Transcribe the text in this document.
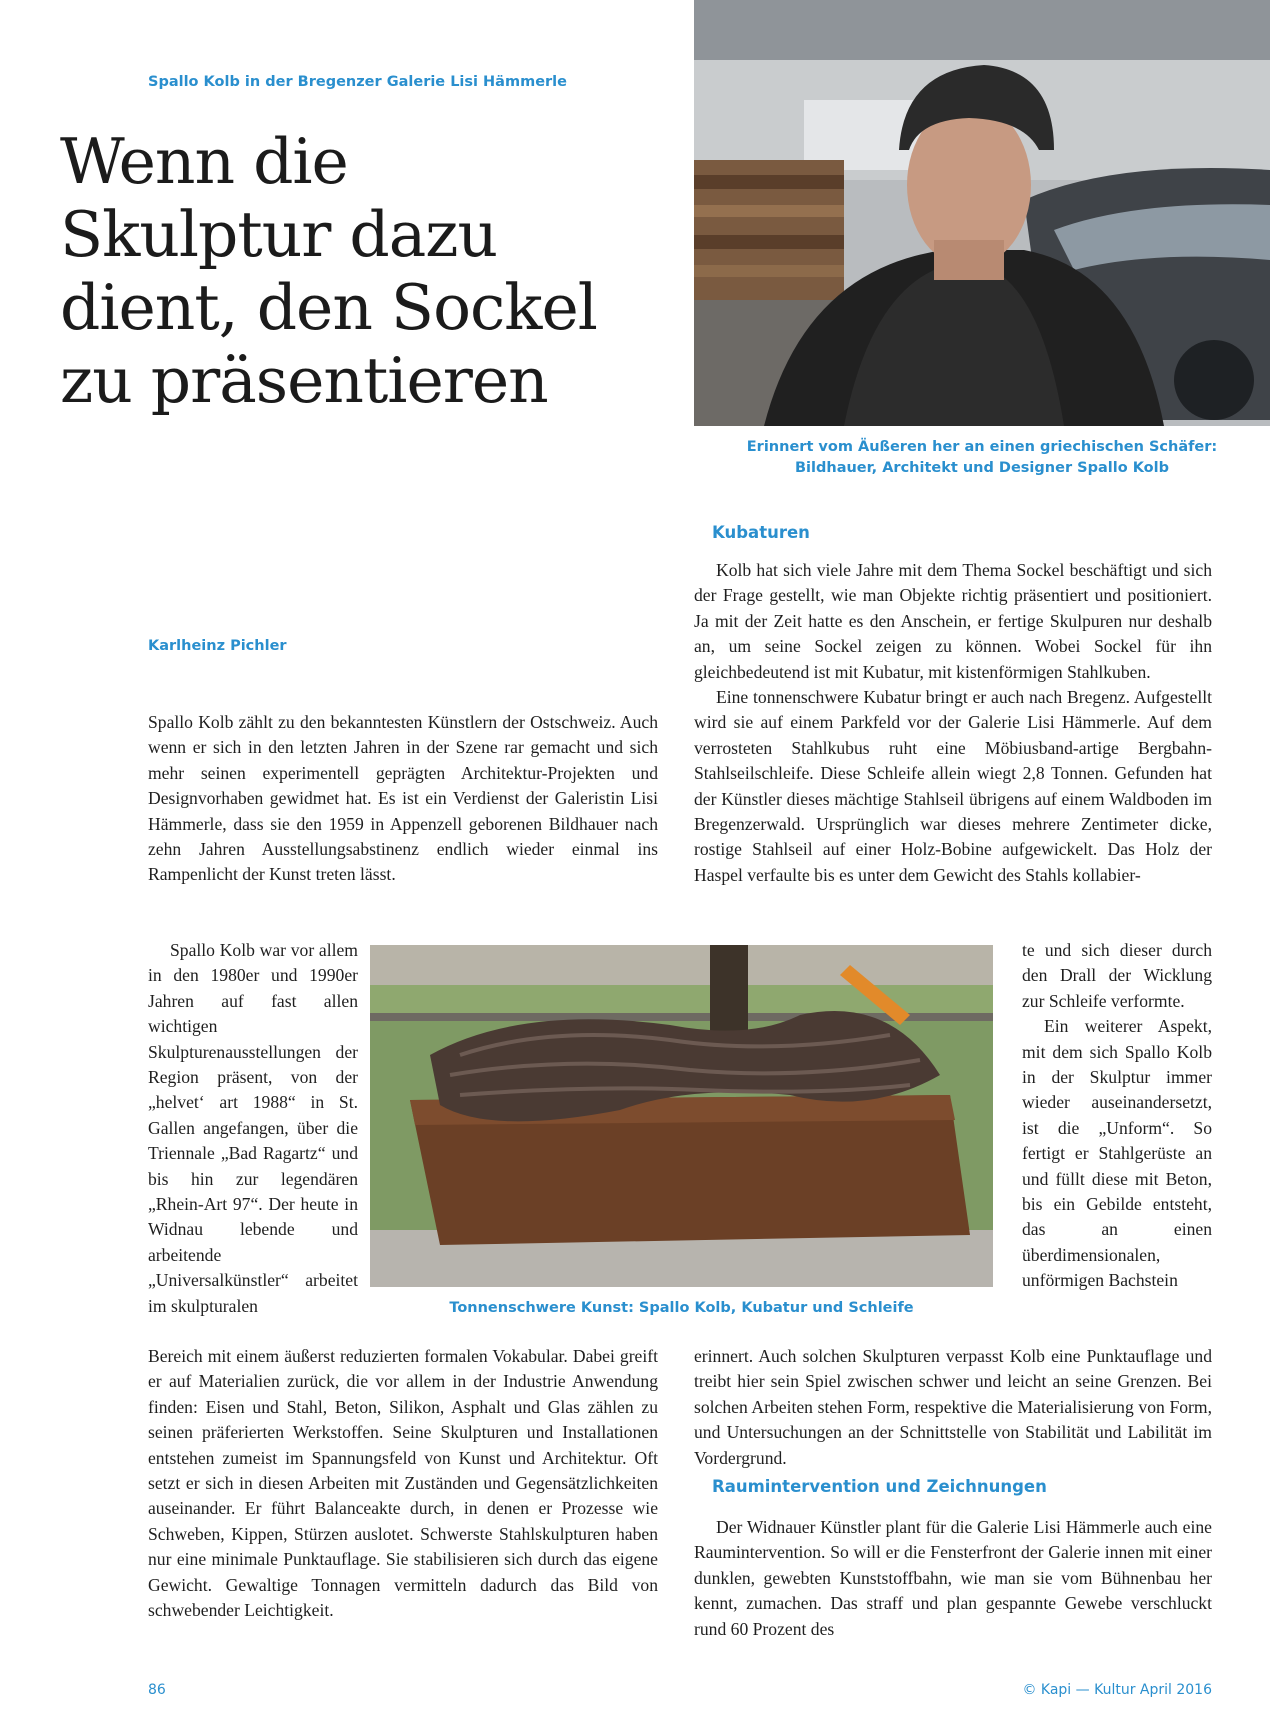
Spallo Kolb in der Bregenzer Galerie Lisi Hämmerle
Wenn die
Skulptur dazu
dient, den Sockel
zu präsentieren
Erinnert vom Äußeren her an einen griechischen Schäfer:
Bildhauer, Architekt und Designer Spallo Kolb
Karlheinz Pichler
Kubaturen

Kolb hat sich viele Jahre mit dem Thema Sockel beschäftigt und sich der Frage gestellt, wie man Objekte richtig präsentiert und positioniert. Ja mit der Zeit hatte es den Anschein, er fertige Skulpuren nur deshalb an, um seine Sockel zeigen zu können. Wobei Sockel für ihn gleichbedeutend ist mit Kubatur, mit kistenförmigen Stahlkuben.

Eine tonnenschwere Kubatur bringt er auch nach Bregenz. Aufgestellt wird sie auf einem Parkfeld vor der Galerie Lisi Hämmerle. Auf dem verrosteten Stahlkubus ruht eine Möbiusband-artige Bergbahn-Stahlseilschleife. Diese Schleife allein wiegt 2,8 Tonnen. Gefunden hat der Künstler dieses mächtige Stahlseil übrigens auf einem Waldboden im Bregenzerwald. Ursprünglich war dieses mehrere Zentimeter dicke, rostige Stahlseil auf einer Holz-Bobine aufgewickelt. Das Holz der Haspel verfaulte bis es unter dem Gewicht des Stahls kollabier-

Spallo Kolb zählt zu den bekanntesten Künstlern der Ostschweiz. Auch wenn er sich in den letzten Jahren in der Szene rar gemacht und sich mehr seinen experimentell geprägten Architektur-Projekten und Designvorhaben gewidmet hat. Es ist ein Verdienst der Galeristin Lisi Hämmerle, dass sie den 1959 in Appenzell geborenen Bildhauer nach zehn Jahren Ausstellungsabstinenz endlich wieder einmal ins Rampenlicht der Kunst treten lässt.

Spallo Kolb war vor allem in den 1980er und 1990er Jahren auf fast allen wichtigen Skulpturenausstellungen der Region präsent, von der „helvet‘ art 1988“ in St. Gallen angefangen, über die Triennale „Bad Ragartz“ und bis hin zur legendären „Rhein-Art 97“. Der heute in Widnau lebende und arbeitende „Universalkünstler“ arbeitet im skulpturalen	Tonnenschwere Kunst: Spallo Kolb, Kubatur und Schleife

te und sich dieser durch den Drall der Wicklung zur Schleife verformte.

Ein weiterer Aspekt, mit dem sich Spallo Kolb in der Skulptur immer wieder auseinandersetzt, ist die „Unform“. So fertigt er Stahlgerüste an und füllt diese mit Beton, bis ein Gebilde entsteht, das an einen überdimensionalen, unförmigen Bachstein

Bereich mit einem äußerst reduzierten formalen Vokabular. Dabei greift er auf Materialien zurück, die vor allem in der Industrie Anwendung finden: Eisen und Stahl, Beton, Silikon, Asphalt und Glas zählen zu seinen präferierten Werkstoffen. Seine Skulpturen und Installationen entstehen zumeist im Spannungsfeld von Kunst und Architektur. Oft setzt er sich in diesen Arbeiten mit Zuständen und Gegensätzlichkeiten auseinander. Er führt Balanceakte durch, in denen er Prozesse wie Schweben, Kippen, Stürzen auslotet. Schwerste Stahlskulpturen haben nur eine minimale Punktauflage. Sie stabilisieren sich durch das eigene Gewicht. Gewaltige Tonnagen vermitteln dadurch das Bild von schwebender Leichtigkeit.

erinnert. Auch solchen Skulpturen verpasst Kolb eine Punktauflage und treibt hier sein Spiel zwischen schwer und leicht an seine Grenzen. Bei solchen Arbeiten stehen Form, respektive die Materialisierung von Form, und Untersuchungen an der Schnittstelle von Stabilität und Labilität im Vordergrund.

Raumintervention und Zeichnungen

Der Widnauer Künstler plant für die Galerie Lisi Hämmerle auch eine Raumintervention. So will er die Fensterfront der Galerie innen mit einer dunklen, gewebten Kunststoffbahn, wie man sie vom Bühnenbau her kennt, zumachen. Das straff und plan gespannte Gewebe verschluckt rund 60 Prozent des

86	© Kapi — Kultur April 2016
